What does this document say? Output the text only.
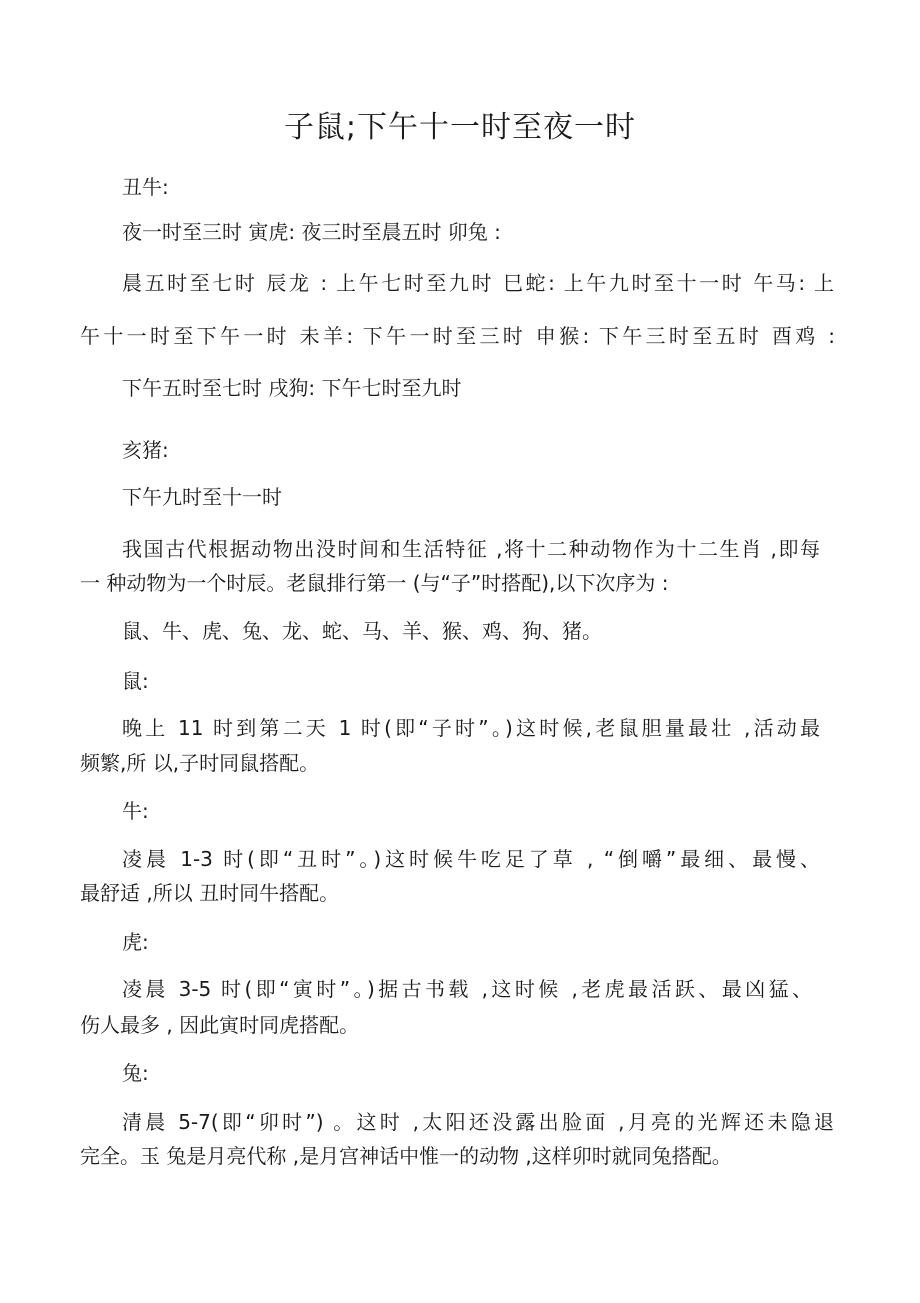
子鼠;下午十一时至夜一时
丑牛:
夜一时至三时 寅虎: 夜三时至晨五时 卯兔 :
晨五时至七时 辰龙 : 上午七时至九时 巳蛇: 上午九时至十一时 午马: 上
午十一时至下午一时 未羊: 下午一时至三时 申猴: 下午三时至五时 酉鸡 :
下午五时至七时 戌狗: 下午七时至九时
亥猪:
下午九时至十一时
我国古代根据动物出没时间和生活特征 ,将十二种动物作为十二生肖 ,即每
一 种动物为一个时辰。老鼠排行第一 (与“子”时搭配),以下次序为 :
鼠、牛、虎、兔、龙、蛇、马、羊、猴、鸡、狗、猪。
鼠:
晚上 11 时到第二天 1 时(即“子时”。)这时候,老鼠胆量最壮 ,活动最
频繁,所 以,子时同鼠搭配。
牛:
凌晨 1-3 时(即“丑时”。)这时候牛吃足了草 , “倒嚼”最细、最慢、
最舒适 ,所以 丑时同牛搭配。
虎:
凌晨 3-5 时(即“寅时”。)据古书载 ,这时候 ,老虎最活跃、最凶猛、
伤人最多 , 因此寅时同虎搭配。
兔:
清晨 5-7(即“卯时”) 。这时 ,太阳还没露出脸面 ,月亮的光辉还未隐退
完全。玉 兔是月亮代称 ,是月宫神话中惟一的动物 ,这样卯时就同兔搭配。
